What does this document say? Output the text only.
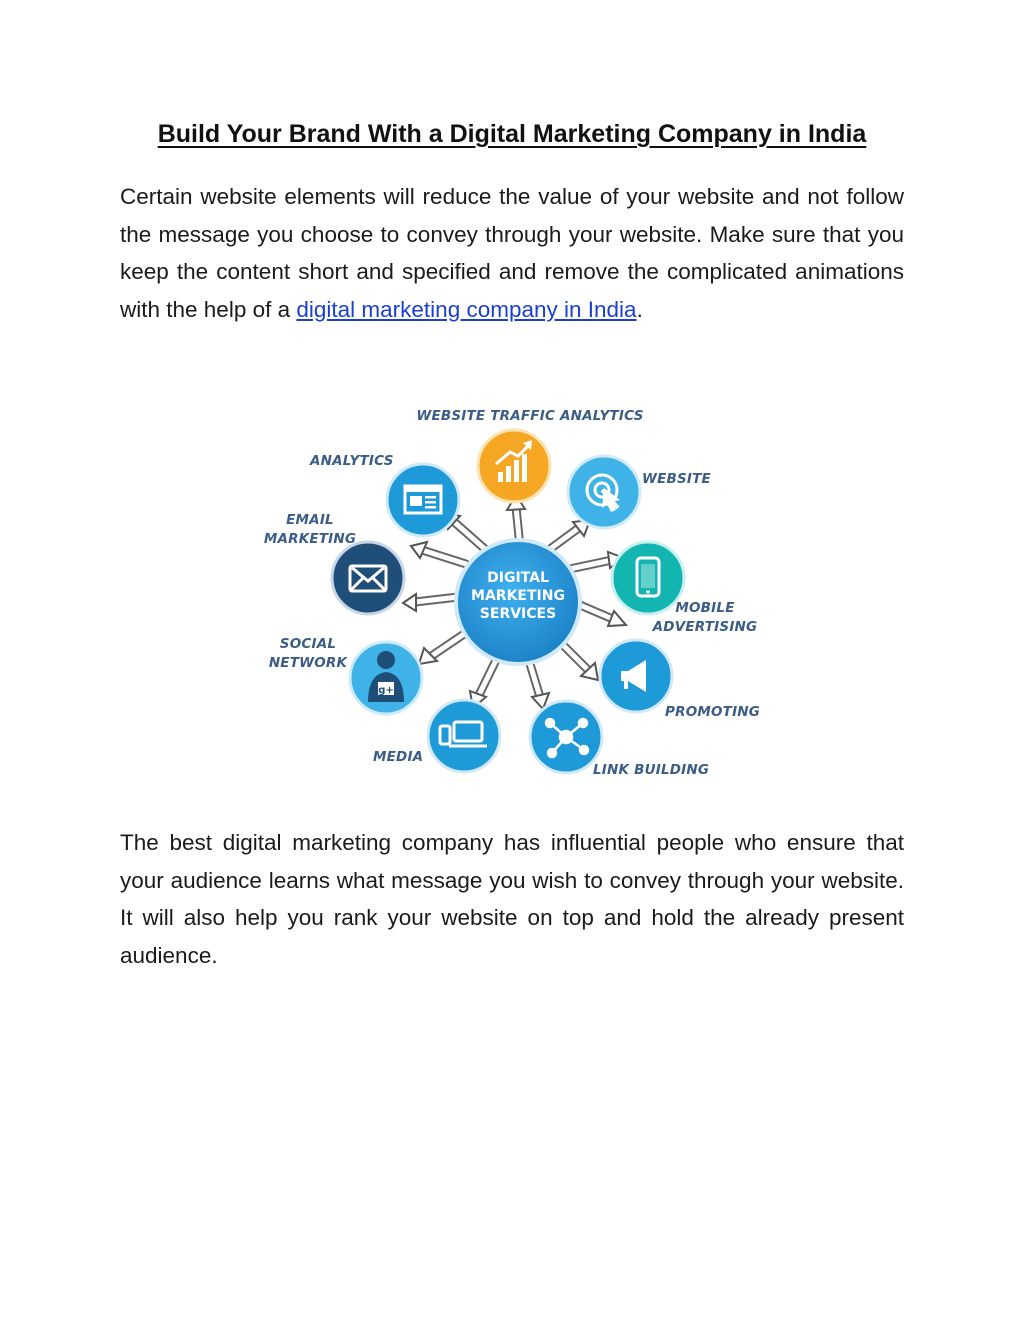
Build Your Brand With a Digital Marketing Company in India

Certain website elements will reduce the value of your website and not follow the message you choose to convey through your website. Make sure that you keep the content short and specified and remove the complicated animations with the help of a digital marketing company in India.

DIGITAL
MARKETING
SERVICES
WEBSITE TRAFFIC ANALYTICS
WEBSITE
ANALYTICS
EMAIL
MARKETING
MOBILE
ADVERTISING
g+
SOCIAL
NETWORK
PROMOTING
MEDIA
LINK BUILDING

The best digital marketing company has influential people who ensure that your audience learns what message you wish to convey through your website. It will also help you rank your website on top and hold the already present audience.
